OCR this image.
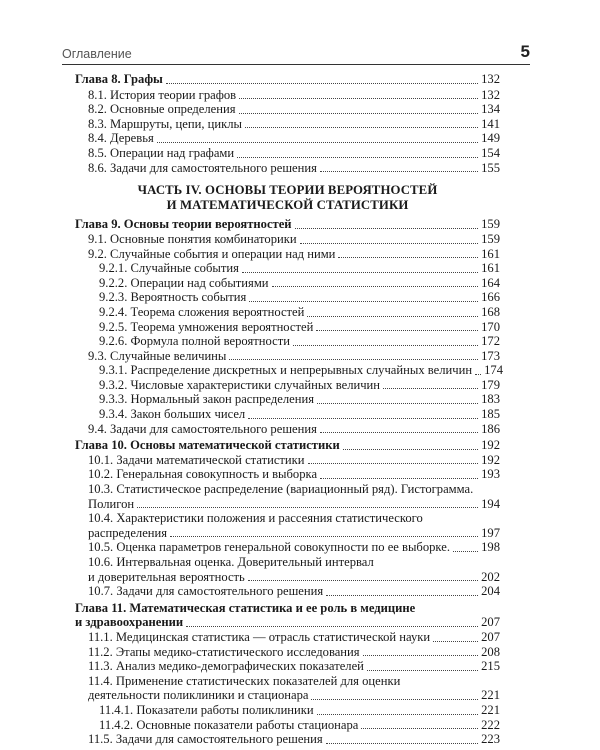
Оглавление	5
Глава 8. Графы	132
8.1. История теории графов	132
8.2. Основные определения	134
8.3. Маршруты, цепи, циклы	141
8.4. Деревья	149
8.5. Операции над графами	154
8.6. Задачи для самостоятельного решения	155
ЧАСТЬ IV. ОСНОВЫ ТЕОРИИ ВЕРОЯТНОСТЕЙ
И МАТЕМАТИЧЕСКОЙ СТАТИСТИКИ
Глава 9. Основы теории вероятностей	159
9.1. Основные понятия комбинаторики	159
9.2. Случайные события и операции над ними	161
9.2.1. Случайные события	161
9.2.2. Операции над событиями	164
9.2.3. Вероятность события	166
9.2.4. Теорема сложения вероятностей	168
9.2.5. Теорема умножения вероятностей	170
9.2.6. Формула полной вероятности	172
9.3. Случайные величины	173
9.3.1. Распределение дискретных и непрерывных случайных величин 174
9.3.2. Числовые характеристики случайных величин	179
9.3.3. Нормальный закон распределения	183
9.3.4. Закон больших чисел	185
9.4. Задачи для самостоятельного решения	186
Глава 10. Основы математической статистики	192
10.1. Задачи математической статистики	192
10.2. Генеральная совокупность и выборка	193
10.3. Статистическое распределение (вариационный ряд). Гистограмма.
Полигон	194
10.4. Характеристики положения и рассеяния статистического
распределения	197
10.5. Оценка параметров генеральной совокупности по ее выборке. 198
10.6. Интервальная оценка. Доверительный интервал
и доверительная вероятность	202
10.7. Задачи для самостоятельного решения	204
Глава 11. Математическая статистика и ее роль в медицине
и здравоохранении	207
11.1. Медицинская статистика — отрасль статистической науки	207
11.2. Этапы медико-статистического исследования	208
11.3. Анализ медико-демографических показателей	215
11.4. Применение статистических показателей для оценки
деятельности поликлиники и стационара	221
11.4.1. Показатели работы поликлиники	221
11.4.2. Основные показатели работы стационара	222
11.5. Задачи для самостоятельного решения	223
